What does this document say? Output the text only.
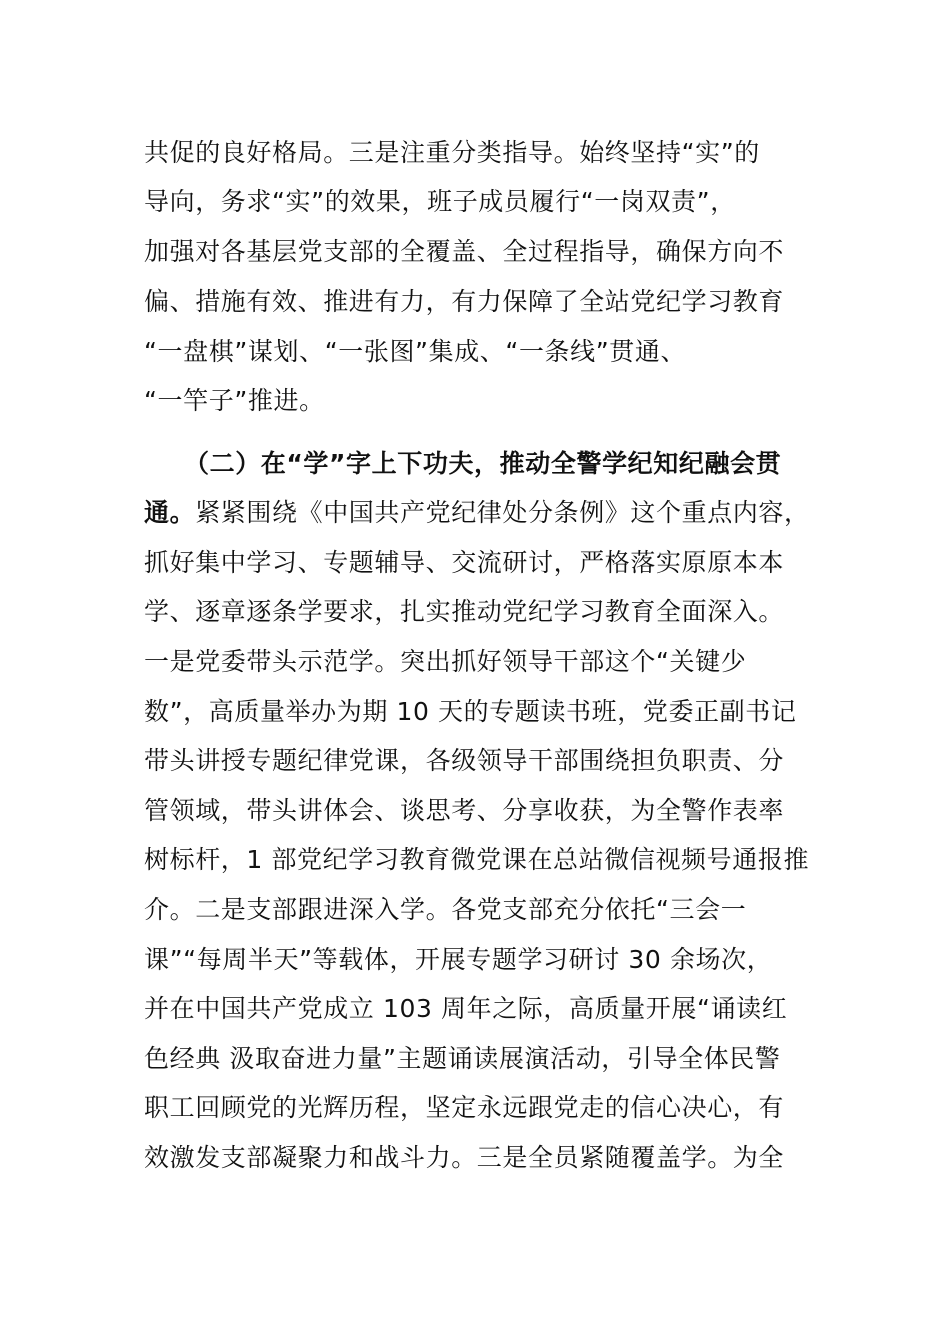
共促的良好格局。三是注重分类指导。始终坚持“实”的
导向，务求“实”的效果，班子成员履行“一岗双责”，
加强对各基层党支部的全覆盖、全过程指导，确保方向不
偏、措施有效、推进有力，有力保障了全站党纪学习教育
“一盘棋”谋划、“一张图”集成、“一条线”贯通、
“一竿子”推进。
（二）在“学”字上下功夫，推动全警学纪知纪融会贯
通。紧紧围绕《中国共产党纪律处分条例》这个重点内容，
抓好集中学习、专题辅导、交流研讨，严格落实原原本本
学、逐章逐条学要求，扎实推动党纪学习教育全面深入。
一是党委带头示范学。突出抓好领导干部这个“关键少
数”，高质量举办为期 10 天的专题读书班，党委正副书记
带头讲授专题纪律党课，各级领导干部围绕担负职责、分
管领域，带头讲体会、谈思考、分享收获，为全警作表率
树标杆，1 部党纪学习教育微党课在总站微信视频号通报推
介。二是支部跟进深入学。各党支部充分依托“三会一
课”“每周半天”等载体，开展专题学习研讨 30 余场次，
并在中国共产党成立 103 周年之际，高质量开展“诵读红
色经典 汲取奋进力量”主题诵读展演活动，引导全体民警
职工回顾党的光辉历程，坚定永远跟党走的信心决心，有
效激发支部凝聚力和战斗力。三是全员紧随覆盖学。为全
